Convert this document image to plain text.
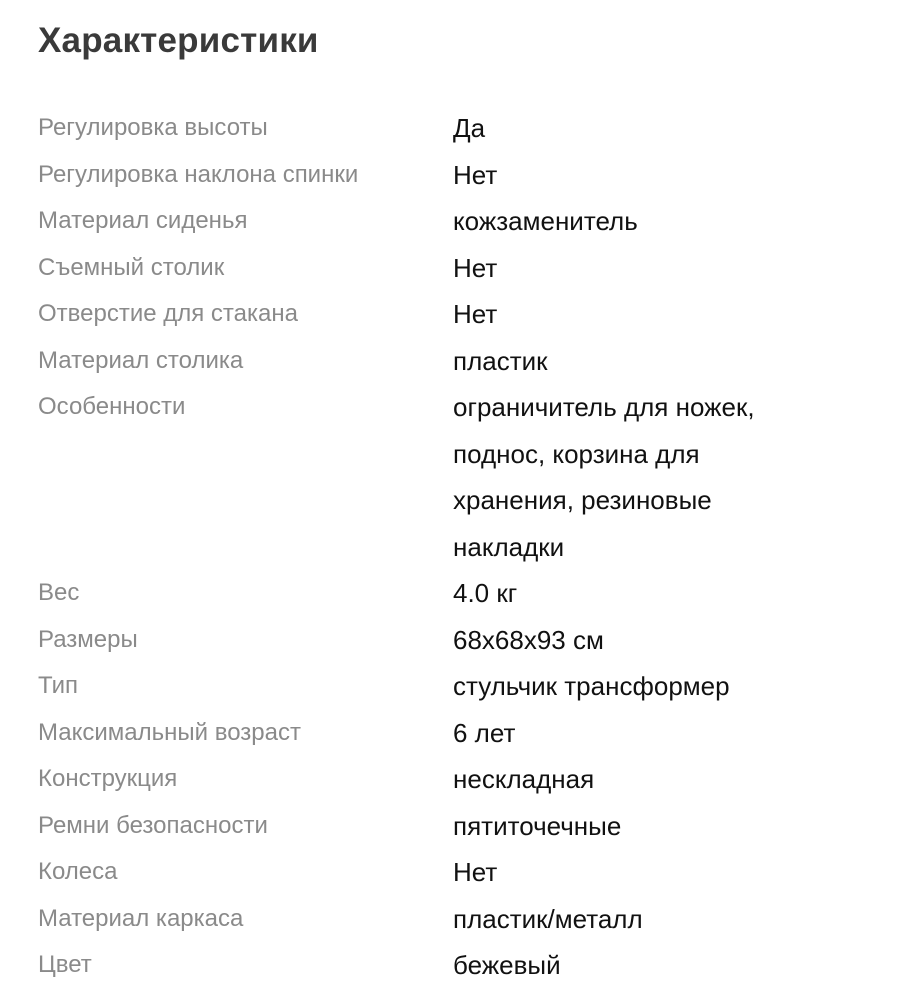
Характеристики
Регулировка высоты	Да
Регулировка наклона спинки	Нет
Материал сиденья	кожзаменитель
Съемный столик	Нет
Отверстие для стакана	Нет
Материал столика	пластик
Особенности	ограничитель для ножек, поднос, корзина для хранения, резиновые накладки
Вес	4.0 кг
Размеры	68x68x93 см
Тип	стульчик трансформер
Максимальный возраст	6 лет
Конструкция	нескладная
Ремни безопасности	пятиточечные
Колеса	Нет
Материал каркаса	пластик/металл
Цвет	бежевый
